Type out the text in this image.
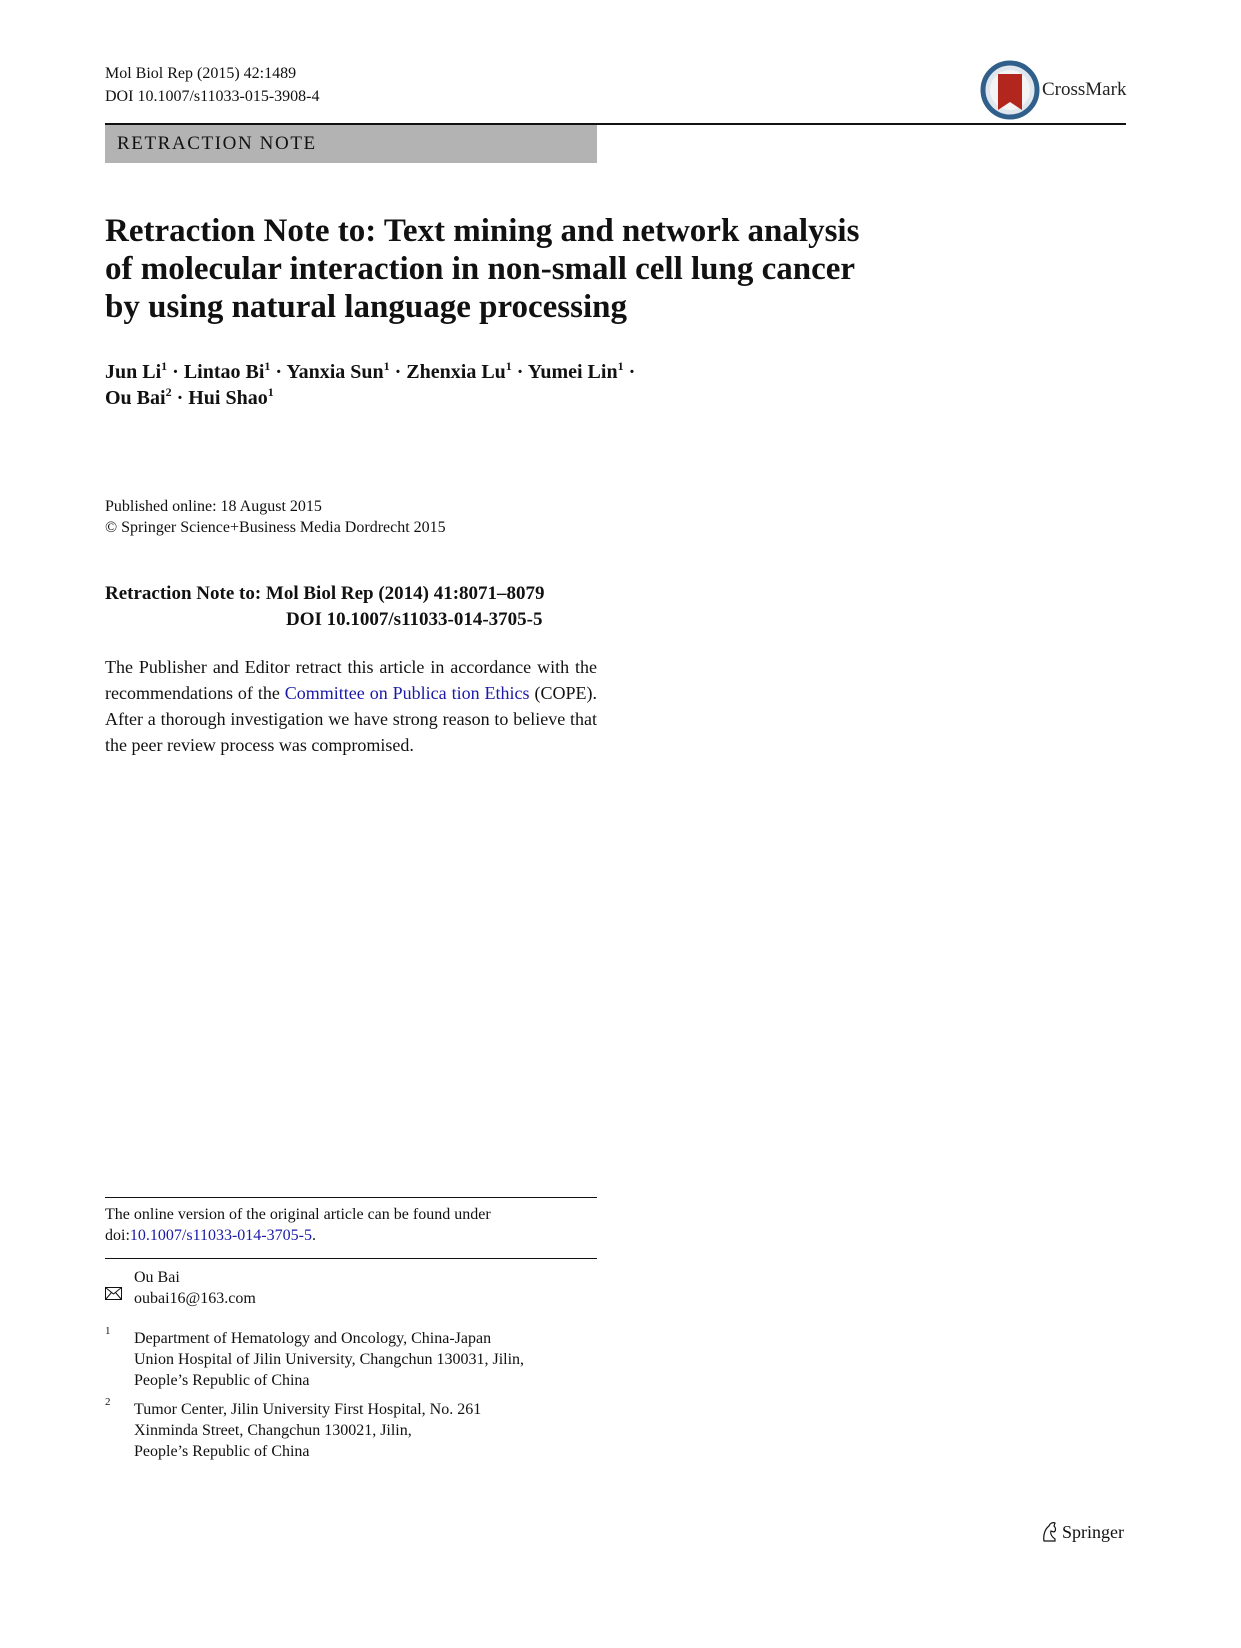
Mol Biol Rep (2015) 42:1489
DOI 10.1007/s11033-015-3908-4	CrossMark
RETRACTION NOTE
Retraction Note to: Text mining and network analysis
of molecular interaction in non-small cell lung cancer
by using natural language processing
Jun $Li^1$ · Lintao $Bi^1$ · Yanxia Sun$^1$ · Zhenxia $Lu^1$ · Yumei Lin$^1$ ·
Ou Bai$^2$ · Hui Shao$^1$
Published online: 18 August 2015
© Springer Science+Business Media Dordrecht 2015
Retraction Note to: Mol Biol Rep (2014) 41:8071–8079
DOI 10.1007/s11033-014-3705-5
The Publisher and Editor retract this article in accordance with the recommendations of the Committee on Publica tion Ethics (COPE). After a thorough investigation we have strong reason to believe that the peer review process was compromised.
The online version of the original article can be found under
doi:10.1007/s11033-014-3705-5.
Ou Bai
oubai16@163.com
1 Department of Hematology and Oncology, China-Japan
Union Hospital of Jilin University, Changchun 130031, Jilin,
People’s Republic of China
2 Tumor Center, Jilin University First Hospital, No. 261
Xinminda Street, Changchun 130021, Jilin,
People’s Republic of China
Springer
